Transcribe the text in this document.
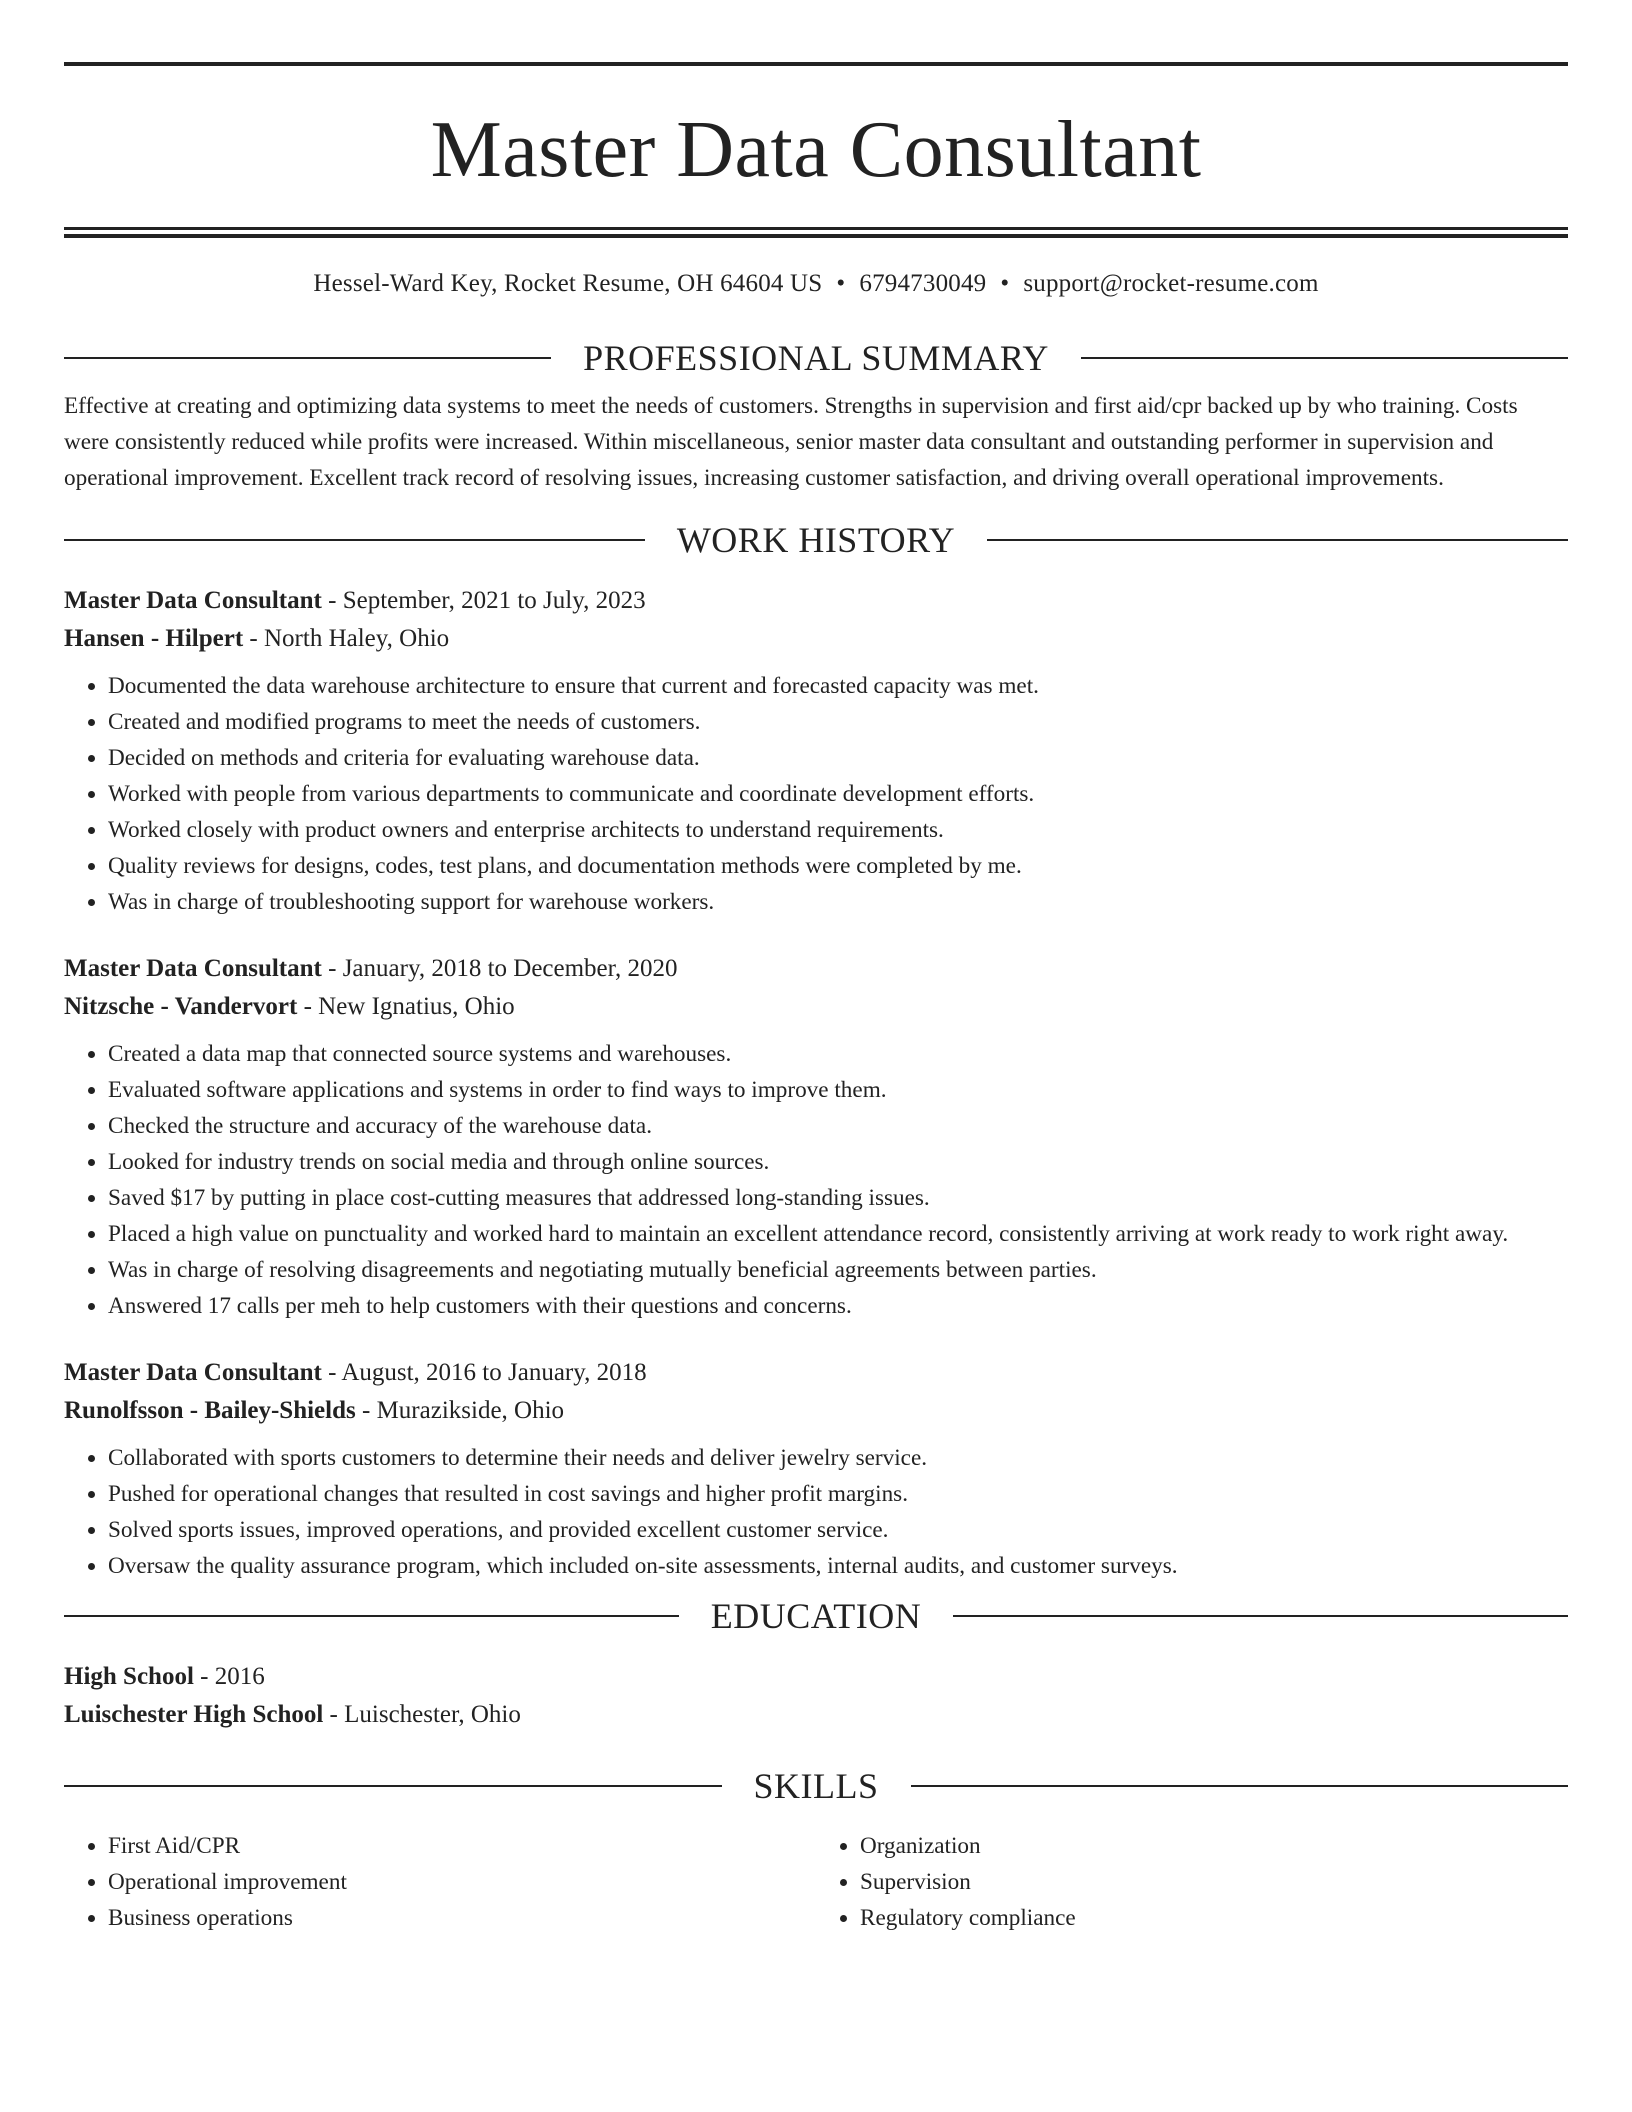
Master Data Consultant
Hessel-Ward Key, Rocket Resume, OH 64604 US • 6794730049 • support@rocket-resume.com
PROFESSIONAL SUMMARY
Effective at creating and optimizing data systems to meet the needs of customers. Strengths in supervision and first aid/cpr backed up by who training. Costs were consistently reduced while profits were increased. Within miscellaneous, senior master data consultant and outstanding performer in supervision and operational improvement. Excellent track record of resolving issues, increasing customer satisfaction, and driving overall operational improvements.
WORK HISTORY
Master Data Consultant - September, 2021 to July, 2023
Hansen - Hilpert - North Haley, Ohio
• Documented the data warehouse architecture to ensure that current and forecasted capacity was met.
• Created and modified programs to meet the needs of customers.
• Decided on methods and criteria for evaluating warehouse data.
• Worked with people from various departments to communicate and coordinate development efforts.
• Worked closely with product owners and enterprise architects to understand requirements.
• Quality reviews for designs, codes, test plans, and documentation methods were completed by me.
• Was in charge of troubleshooting support for warehouse workers.
Master Data Consultant - January, 2018 to December, 2020
Nitzsche - Vandervort - New Ignatius, Ohio
• Created a data map that connected source systems and warehouses.
• Evaluated software applications and systems in order to find ways to improve them.
• Checked the structure and accuracy of the warehouse data.
• Looked for industry trends on social media and through online sources.
• Saved $17 by putting in place cost-cutting measures that addressed long-standing issues.
• Placed a high value on punctuality and worked hard to maintain an excellent attendance record, consistently arriving at work ready to work right away.
• Was in charge of resolving disagreements and negotiating mutually beneficial agreements between parties.
• Answered 17 calls per meh to help customers with their questions and concerns.
Master Data Consultant - August, 2016 to January, 2018
Runolfsson - Bailey-Shields - Murazikside, Ohio
• Collaborated with sports customers to determine their needs and deliver jewelry service.
• Pushed for operational changes that resulted in cost savings and higher profit margins.
• Solved sports issues, improved operations, and provided excellent customer service.
• Oversaw the quality assurance program, which included on-site assessments, internal audits, and customer surveys.
EDUCATION
High School - 2016
Luischester High School - Luischester, Ohio
SKILLS
• First Aid/CPR
• Operational improvement
• Business operations
• Organization
• Supervision
• Regulatory compliance
